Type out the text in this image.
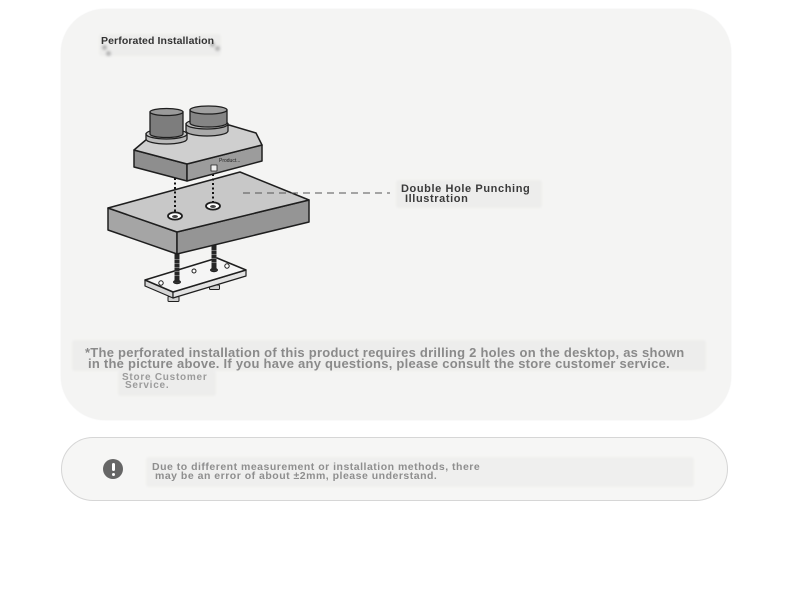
Perforated Installation
Product...
Double Hole Punching
Illustration
*The perforated installation of this product requires drilling 2 holes on the desktop, as shown
in the picture above. If you have any questions, please consult the store customer service.
Store Customer
Service.
Due to different measurement or installation methods, there
may be an error of about ±2mm, please understand.
